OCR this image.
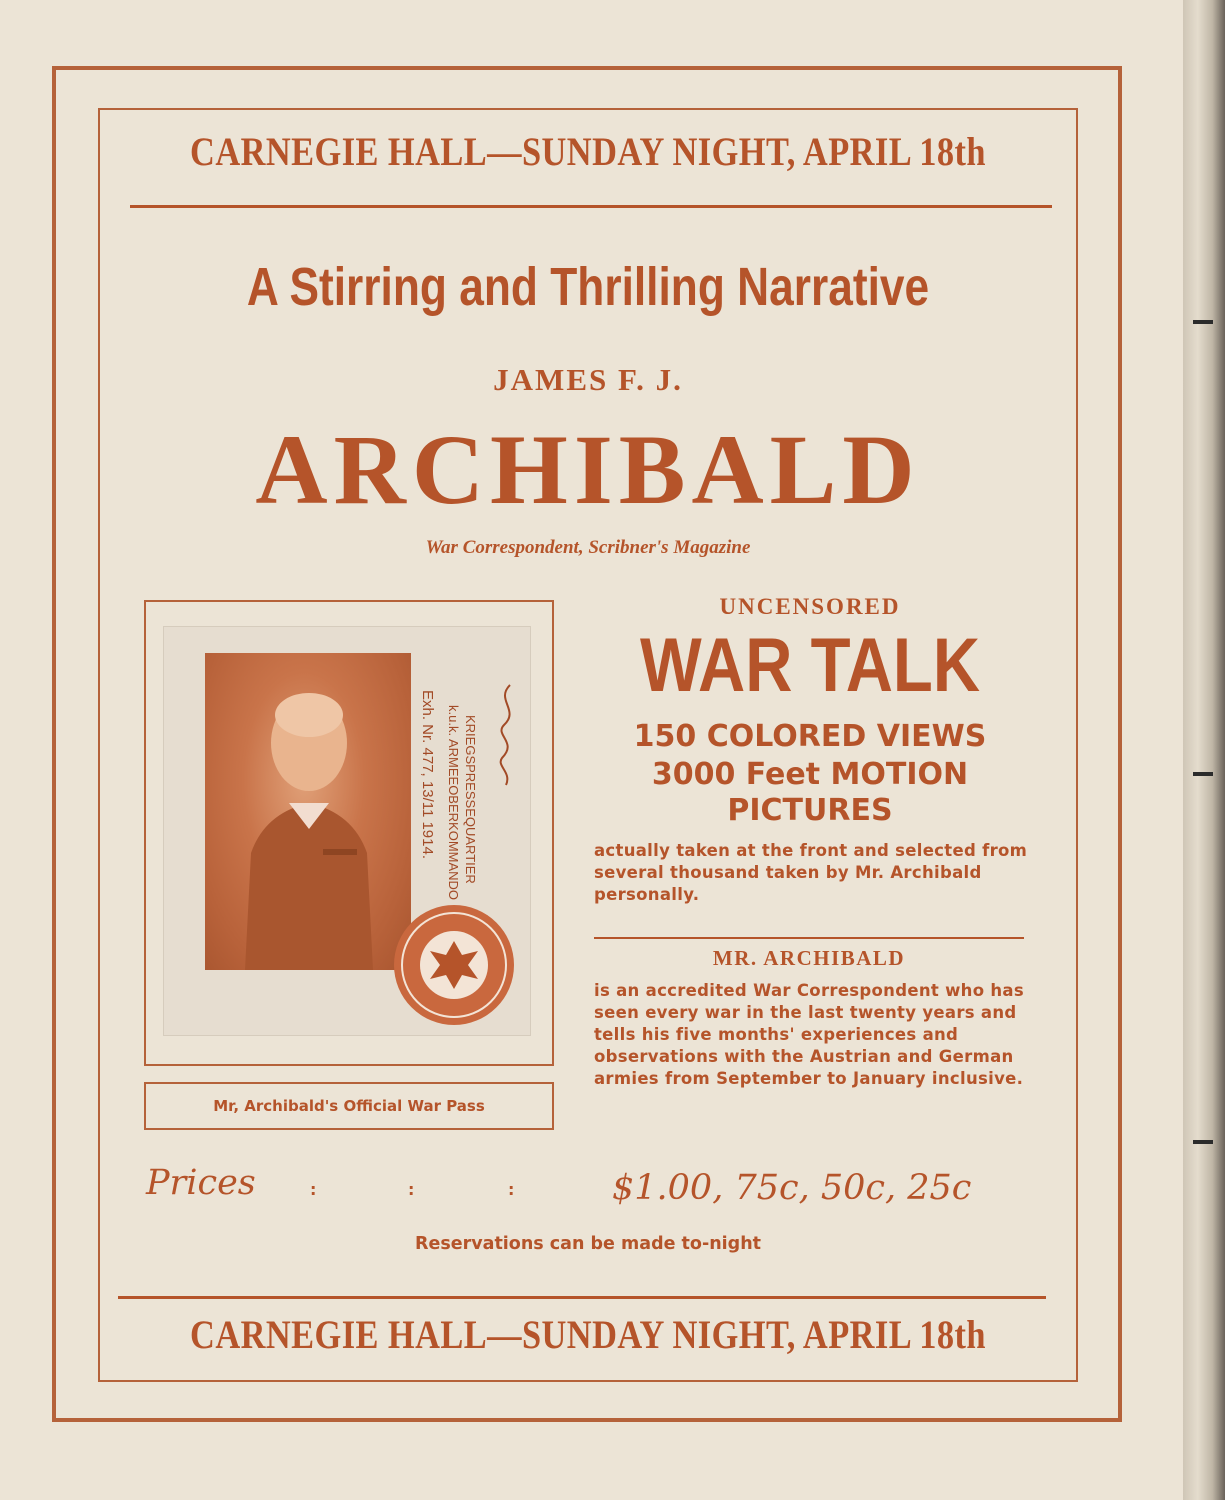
CARNEGIE HALL—SUNDAY NIGHT, APRIL 18th
A Stirring and Thrilling Narrative
JAMES F. J.
ARCHIBALD
War Correspondent, Scribner's Magazine
Exh. Nr. 477, 13/11 1914. k.u.k. ARMEEOBERKOMMANDO KRIEGSPRESSEQUARTIER
Mr, Archibald's Official War Pass
UNCENSORED
WAR TALK
150 COLORED VIEWS
3000 Feet MOTION
PICTURES
actually taken at the front and selected from several thousand taken by Mr. Archibald personally.
MR. ARCHIBALD
is an accredited War Correspondent who has seen every war in the last twenty years and tells his five months' experiences and observations with the Austrian and German armies from September to January inclusive.
Prices	:	:	:	$1.00, 75c, 50c, 25c
Reservations can be made to-night
CARNEGIE HALL—SUNDAY NIGHT, APRIL 18th
